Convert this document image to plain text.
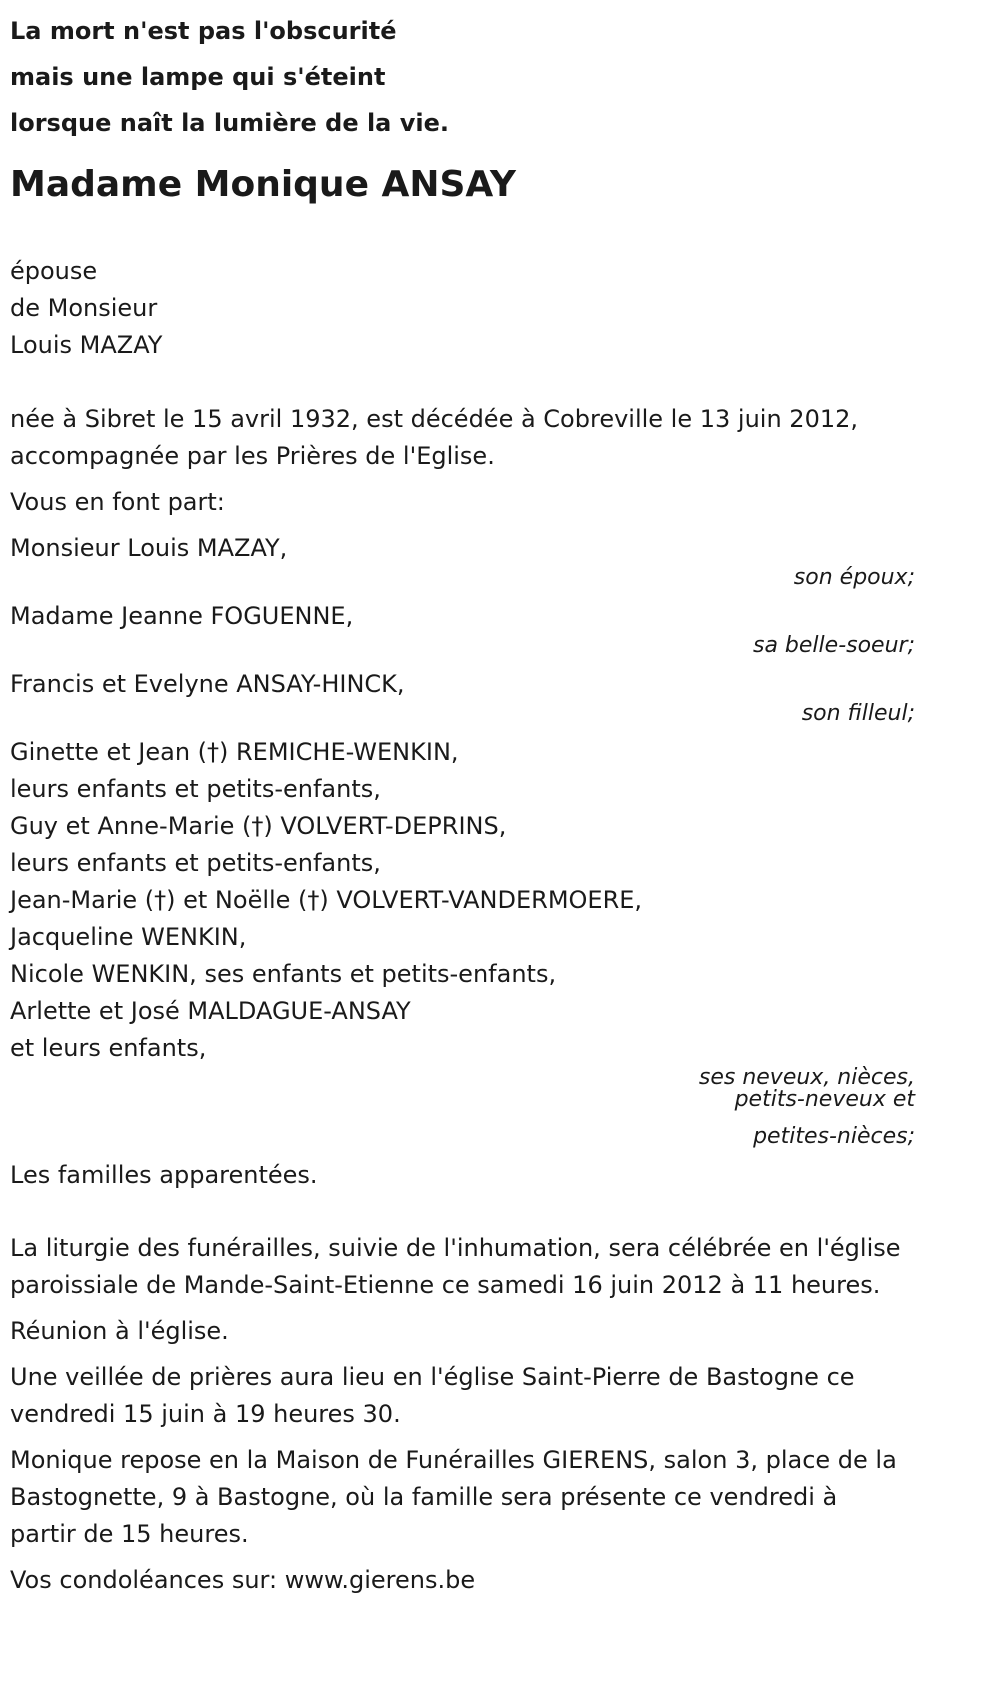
La mort n'est pas l'obscurité
mais une lampe qui s'éteint
lorsque naît la lumière de la vie.
Madame Monique ANSAY
épouse
de Monsieur
Louis MAZAY
née à Sibret le 15 avril 1932, est décédée à Cobreville le 13 juin 2012,
accompagnée par les Prières de l'Eglise.
Vous en font part:
Monsieur Louis MAZAY,
son époux;
Madame Jeanne FOGUENNE,
sa belle-soeur;
Francis et Evelyne ANSAY-HINCK,
son filleul;
Ginette et Jean (†) REMICHE-WENKIN,
leurs enfants et petits-enfants,
Guy et Anne-Marie (†) VOLVERT-DEPRINS,
leurs enfants et petits-enfants,
Jean-Marie (†) et Noëlle (†) VOLVERT-VANDERMOERE,
Jacqueline WENKIN,
Nicole WENKIN, ses enfants et petits-enfants,
Arlette et José MALDAGUE-ANSAY
et leurs enfants,
ses neveux, nièces,
petits-neveux et
petites-nièces;
Les familles apparentées.
La liturgie des funérailles, suivie de l'inhumation, sera célébrée en l'église
paroissiale de Mande-Saint-Etienne ce samedi 16 juin 2012 à 11 heures.
Réunion à l'église.
Une veillée de prières aura lieu en l'église Saint-Pierre de Bastogne ce
vendredi 15 juin à 19 heures 30.
Monique repose en la Maison de Funérailles GIERENS, salon 3, place de la
Bastognette, 9 à Bastogne, où la famille sera présente ce vendredi à
partir de 15 heures.
Vos condoléances sur: www.gierens.be
